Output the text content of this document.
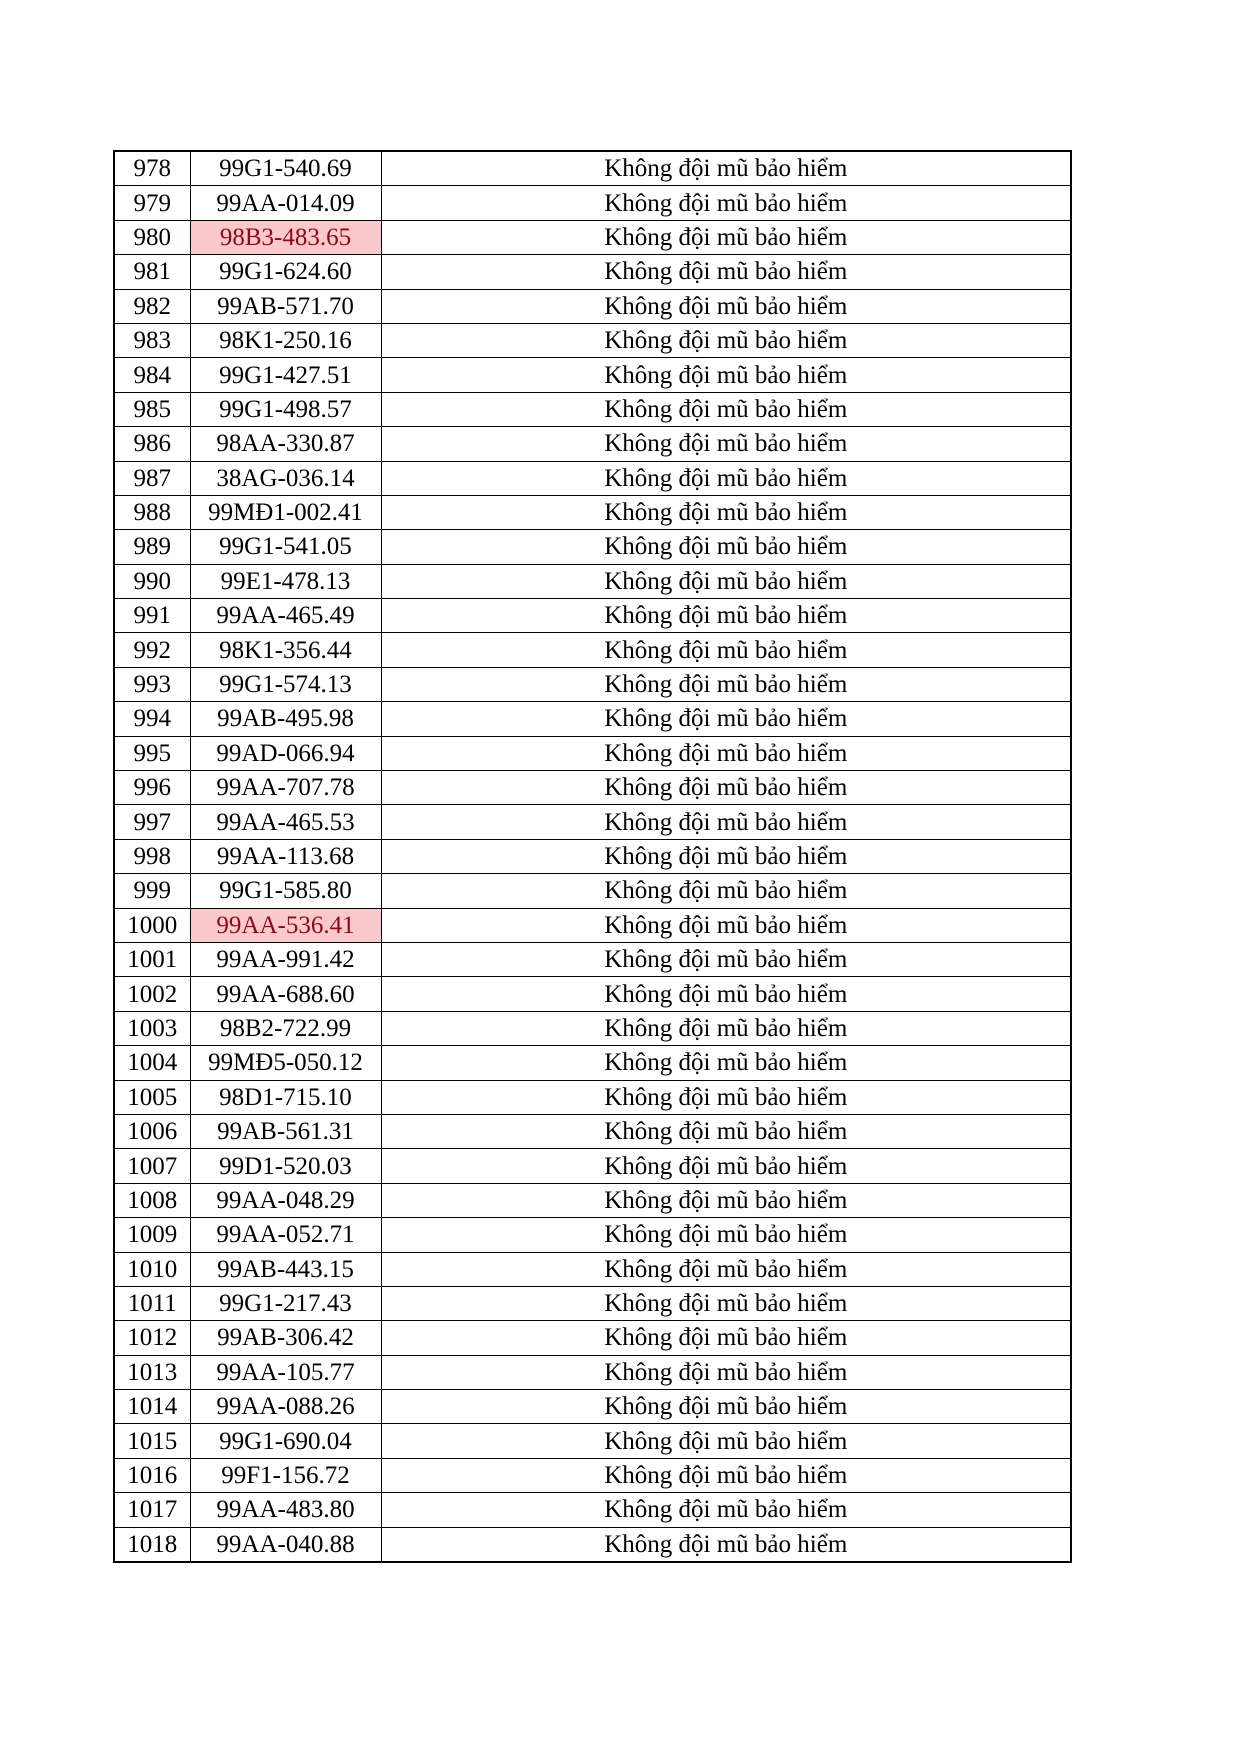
978	99G1-540.69	Không đội mũ bảo hiểm
979	99AA-014.09	Không đội mũ bảo hiểm
980	98B3-483.65	Không đội mũ bảo hiểm
981	99G1-624.60	Không đội mũ bảo hiểm
982	99AB-571.70	Không đội mũ bảo hiểm
983	98K1-250.16	Không đội mũ bảo hiểm
984	99G1-427.51	Không đội mũ bảo hiểm
985	99G1-498.57	Không đội mũ bảo hiểm
986	98AA-330.87	Không đội mũ bảo hiểm
987	38AG-036.14	Không đội mũ bảo hiểm
988	99MĐ1-002.41	Không đội mũ bảo hiểm
989	99G1-541.05	Không đội mũ bảo hiểm
990	99E1-478.13	Không đội mũ bảo hiểm
991	99AA-465.49	Không đội mũ bảo hiểm
992	98K1-356.44	Không đội mũ bảo hiểm
993	99G1-574.13	Không đội mũ bảo hiểm
994	99AB-495.98	Không đội mũ bảo hiểm
995	99AD-066.94	Không đội mũ bảo hiểm
996	99AA-707.78	Không đội mũ bảo hiểm
997	99AA-465.53	Không đội mũ bảo hiểm
998	99AA-113.68	Không đội mũ bảo hiểm
999	99G1-585.80	Không đội mũ bảo hiểm
1000	99AA-536.41	Không đội mũ bảo hiểm
1001	99AA-991.42	Không đội mũ bảo hiểm
1002	99AA-688.60	Không đội mũ bảo hiểm
1003	98B2-722.99	Không đội mũ bảo hiểm
1004	99MĐ5-050.12	Không đội mũ bảo hiểm
1005	98D1-715.10	Không đội mũ bảo hiểm
1006	99AB-561.31	Không đội mũ bảo hiểm
1007	99D1-520.03	Không đội mũ bảo hiểm
1008	99AA-048.29	Không đội mũ bảo hiểm
1009	99AA-052.71	Không đội mũ bảo hiểm
1010	99AB-443.15	Không đội mũ bảo hiểm
1011	99G1-217.43	Không đội mũ bảo hiểm
1012	99AB-306.42	Không đội mũ bảo hiểm
1013	99AA-105.77	Không đội mũ bảo hiểm
1014	99AA-088.26	Không đội mũ bảo hiểm
1015	99G1-690.04	Không đội mũ bảo hiểm
1016	99F1-156.72	Không đội mũ bảo hiểm
1017	99AA-483.80	Không đội mũ bảo hiểm
1018	99AA-040.88	Không đội mũ bảo hiểm
